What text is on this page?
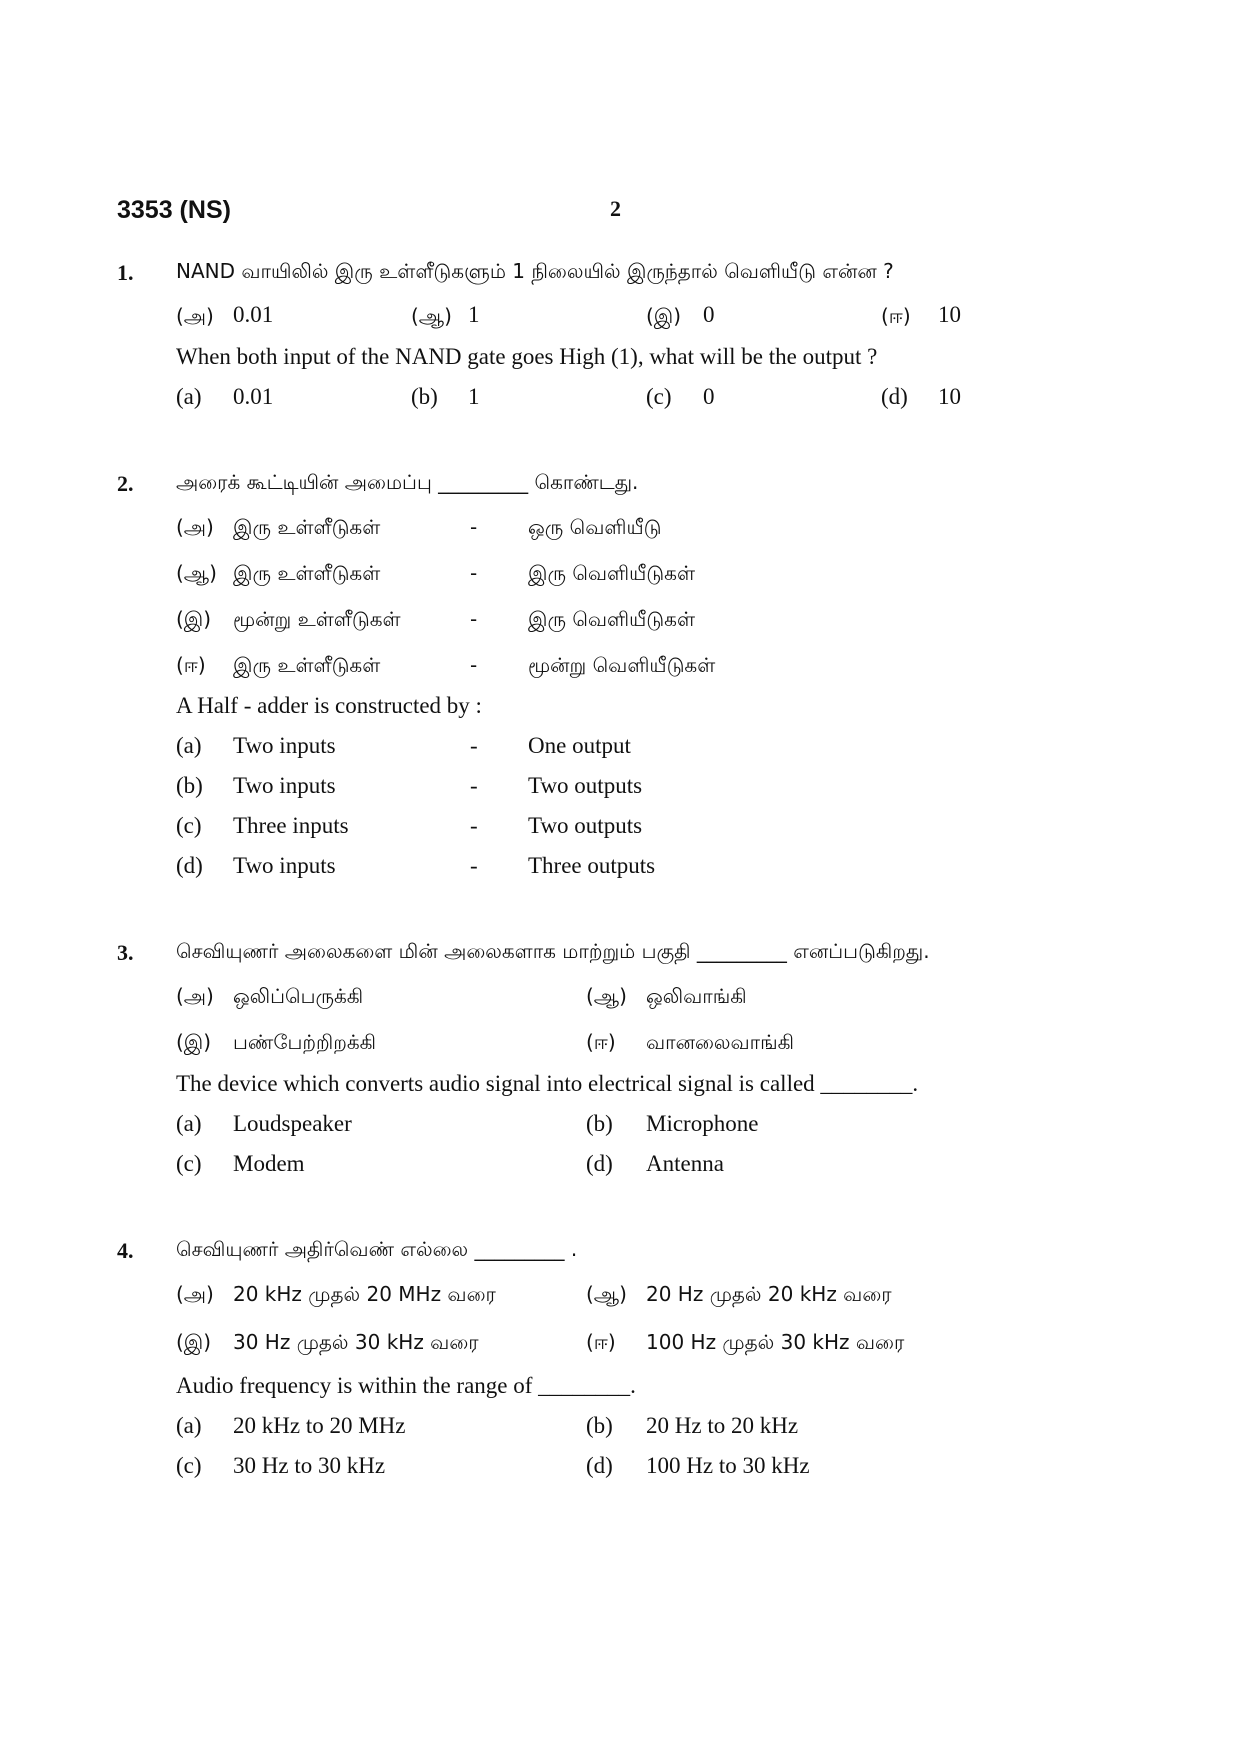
3353 (NS)	2
1. NAND வாயிலில் இரு உள்ளீடுகளும் 1 நிலையில் இருந்தால் வெளியீடு என்ன ?
(அ) 0.01	(ஆ) 1	(இ) 0	(ஈ) 10
When both input of the NAND gate goes High (1), what will be the output ?
(a) 0.01	(b) 1	(c) 0	(d) 10
2. அரைக் கூட்டியின் அமைப்பு _________ கொண்டது.
(அ) இரு உள்ளீடுகள்	-	ஒரு வெளியீடு
(ஆ) இரு உள்ளீடுகள்	-	இரு வெளியீடுகள்
(இ) மூன்று உள்ளீடுகள்	-	இரு வெளியீடுகள்
(ஈ) இரு உள்ளீடுகள்	-	மூன்று வெளியீடுகள்
A Half - adder is constructed by :
(a) Two inputs	- One output
(b) Two inputs	- Two outputs
(c) Three inputs	- Two outputs
(d) Two inputs	- Three outputs
3. செவியுணர் அலைகளை மின் அலைகளாக மாற்றும் பகுதி _________ எனப்படுகிறது.
(அ) ஒலிப்பெருக்கி	(ஆ) ஒலிவாங்கி
(இ) பண்பேற்றிறக்கி	(ஈ) வானலைவாங்கி
The device which converts audio signal into electrical signal is called ________.
(a) Loudspeaker	(b) Microphone
(c) Modem	(d) Antenna
4. செவியுணர் அதிர்வெண் எல்லை _________ .
(அ) 20 kHz முதல் 20 MHz வரை	(ஆ) 20 Hz முதல் 20 kHz வரை
(இ) 30 Hz முதல் 30 kHz வரை	(ஈ) 100 Hz முதல் 30 kHz வரை
Audio frequency is within the range of ________.
(a) 20 kHz to 20 MHz	(b) 20 Hz to 20 kHz
(c) 30 Hz to 30 kHz	(d) 100 Hz to 30 kHz
